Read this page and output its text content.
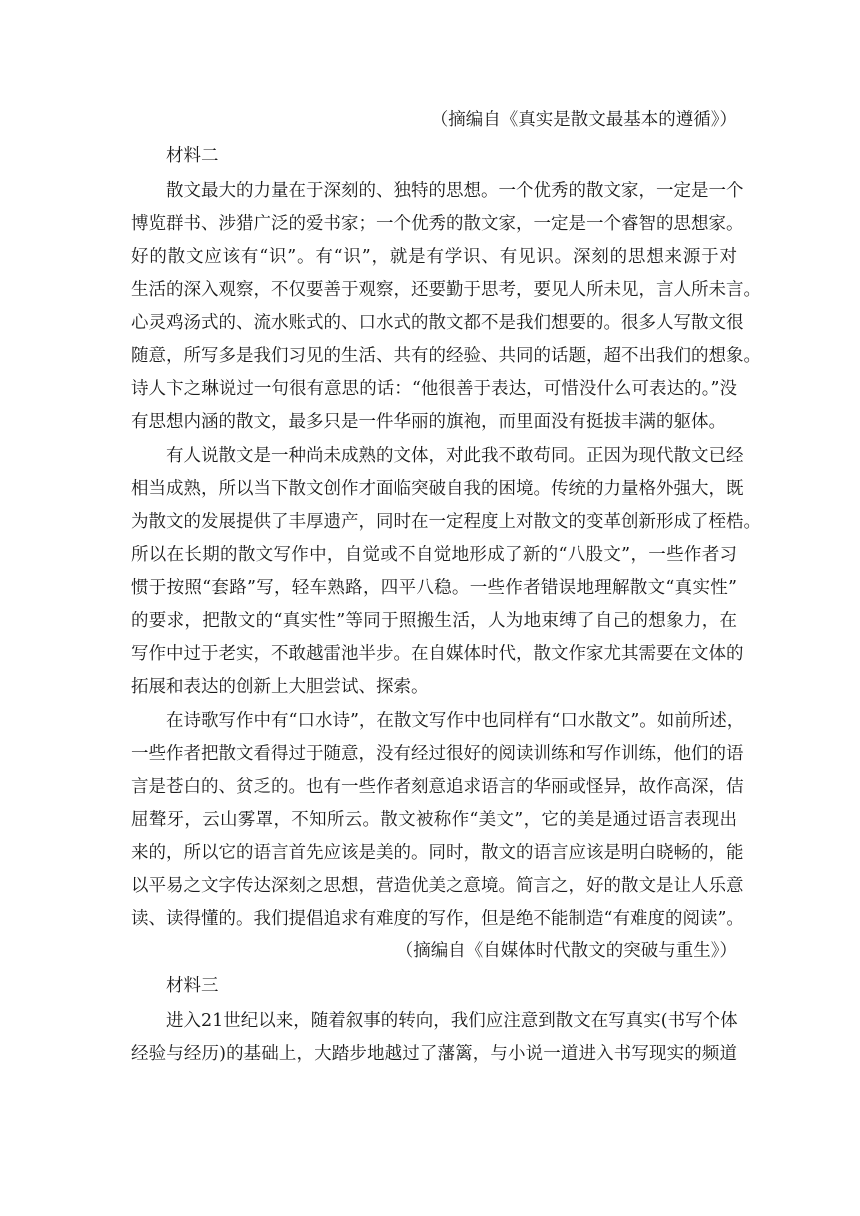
（摘编自《真实是散文最基本的遵循》）
材料二
散文最大的力量在于深刻的、独特的思想。一个优秀的散文家，一定是一个
博览群书、涉猎广泛的爱书家；一个优秀的散文家，一定是一个睿智的思想家。
好的散文应该有“识”。有“识”，就是有学识、有见识。深刻的思想来源于对
生活的深入观察，不仅要善于观察，还要勤于思考，要见人所未见，言人所未言。
心灵鸡汤式的、流水账式的、口水式的散文都不是我们想要的。很多人写散文很
随意，所写多是我们习见的生活、共有的经验、共同的话题，超不出我们的想象。
诗人卞之琳说过一句很有意思的话：“他很善于表达，可惜没什么可表达的。”没
有思想内涵的散文，最多只是一件华丽的旗袍，而里面没有挺拔丰满的躯体。
有人说散文是一种尚未成熟的文体，对此我不敢苟同。正因为现代散文已经
相当成熟，所以当下散文创作才面临突破自我的困境。传统的力量格外强大，既
为散文的发展提供了丰厚遗产，同时在一定程度上对散文的变革创新形成了桎梏。
所以在长期的散文写作中，自觉或不自觉地形成了新的“八股文”，一些作者习
惯于按照“套路”写，轻车熟路，四平八稳。一些作者错误地理解散文“真实性”
的要求，把散文的“真实性”等同于照搬生活，人为地束缚了自己的想象力，在
写作中过于老实，不敢越雷池半步。在自媒体时代，散文作家尤其需要在文体的
拓展和表达的创新上大胆尝试、探索。
在诗歌写作中有“口水诗”，在散文写作中也同样有“口水散文”。如前所述，
一些作者把散文看得过于随意，没有经过很好的阅读训练和写作训练，他们的语
言是苍白的、贫乏的。也有一些作者刻意追求语言的华丽或怪异，故作高深，佶
屈聱牙，云山雾罩，不知所云。散文被称作“美文”，它的美是通过语言表现出
来的，所以它的语言首先应该是美的。同时，散文的语言应该是明白晓畅的，能
以平易之文字传达深刻之思想，营造优美之意境。简言之，好的散文是让人乐意
读、读得懂的。我们提倡追求有难度的写作，但是绝不能制造“有难度的阅读”。
（摘编自《自媒体时代散文的突破与重生》）
材料三
进入21世纪以来，随着叙事的转向，我们应注意到散文在写真实(书写个体
经验与经历)的基础上，大踏步地越过了藩篱，与小说一道进入书写现实的频道
